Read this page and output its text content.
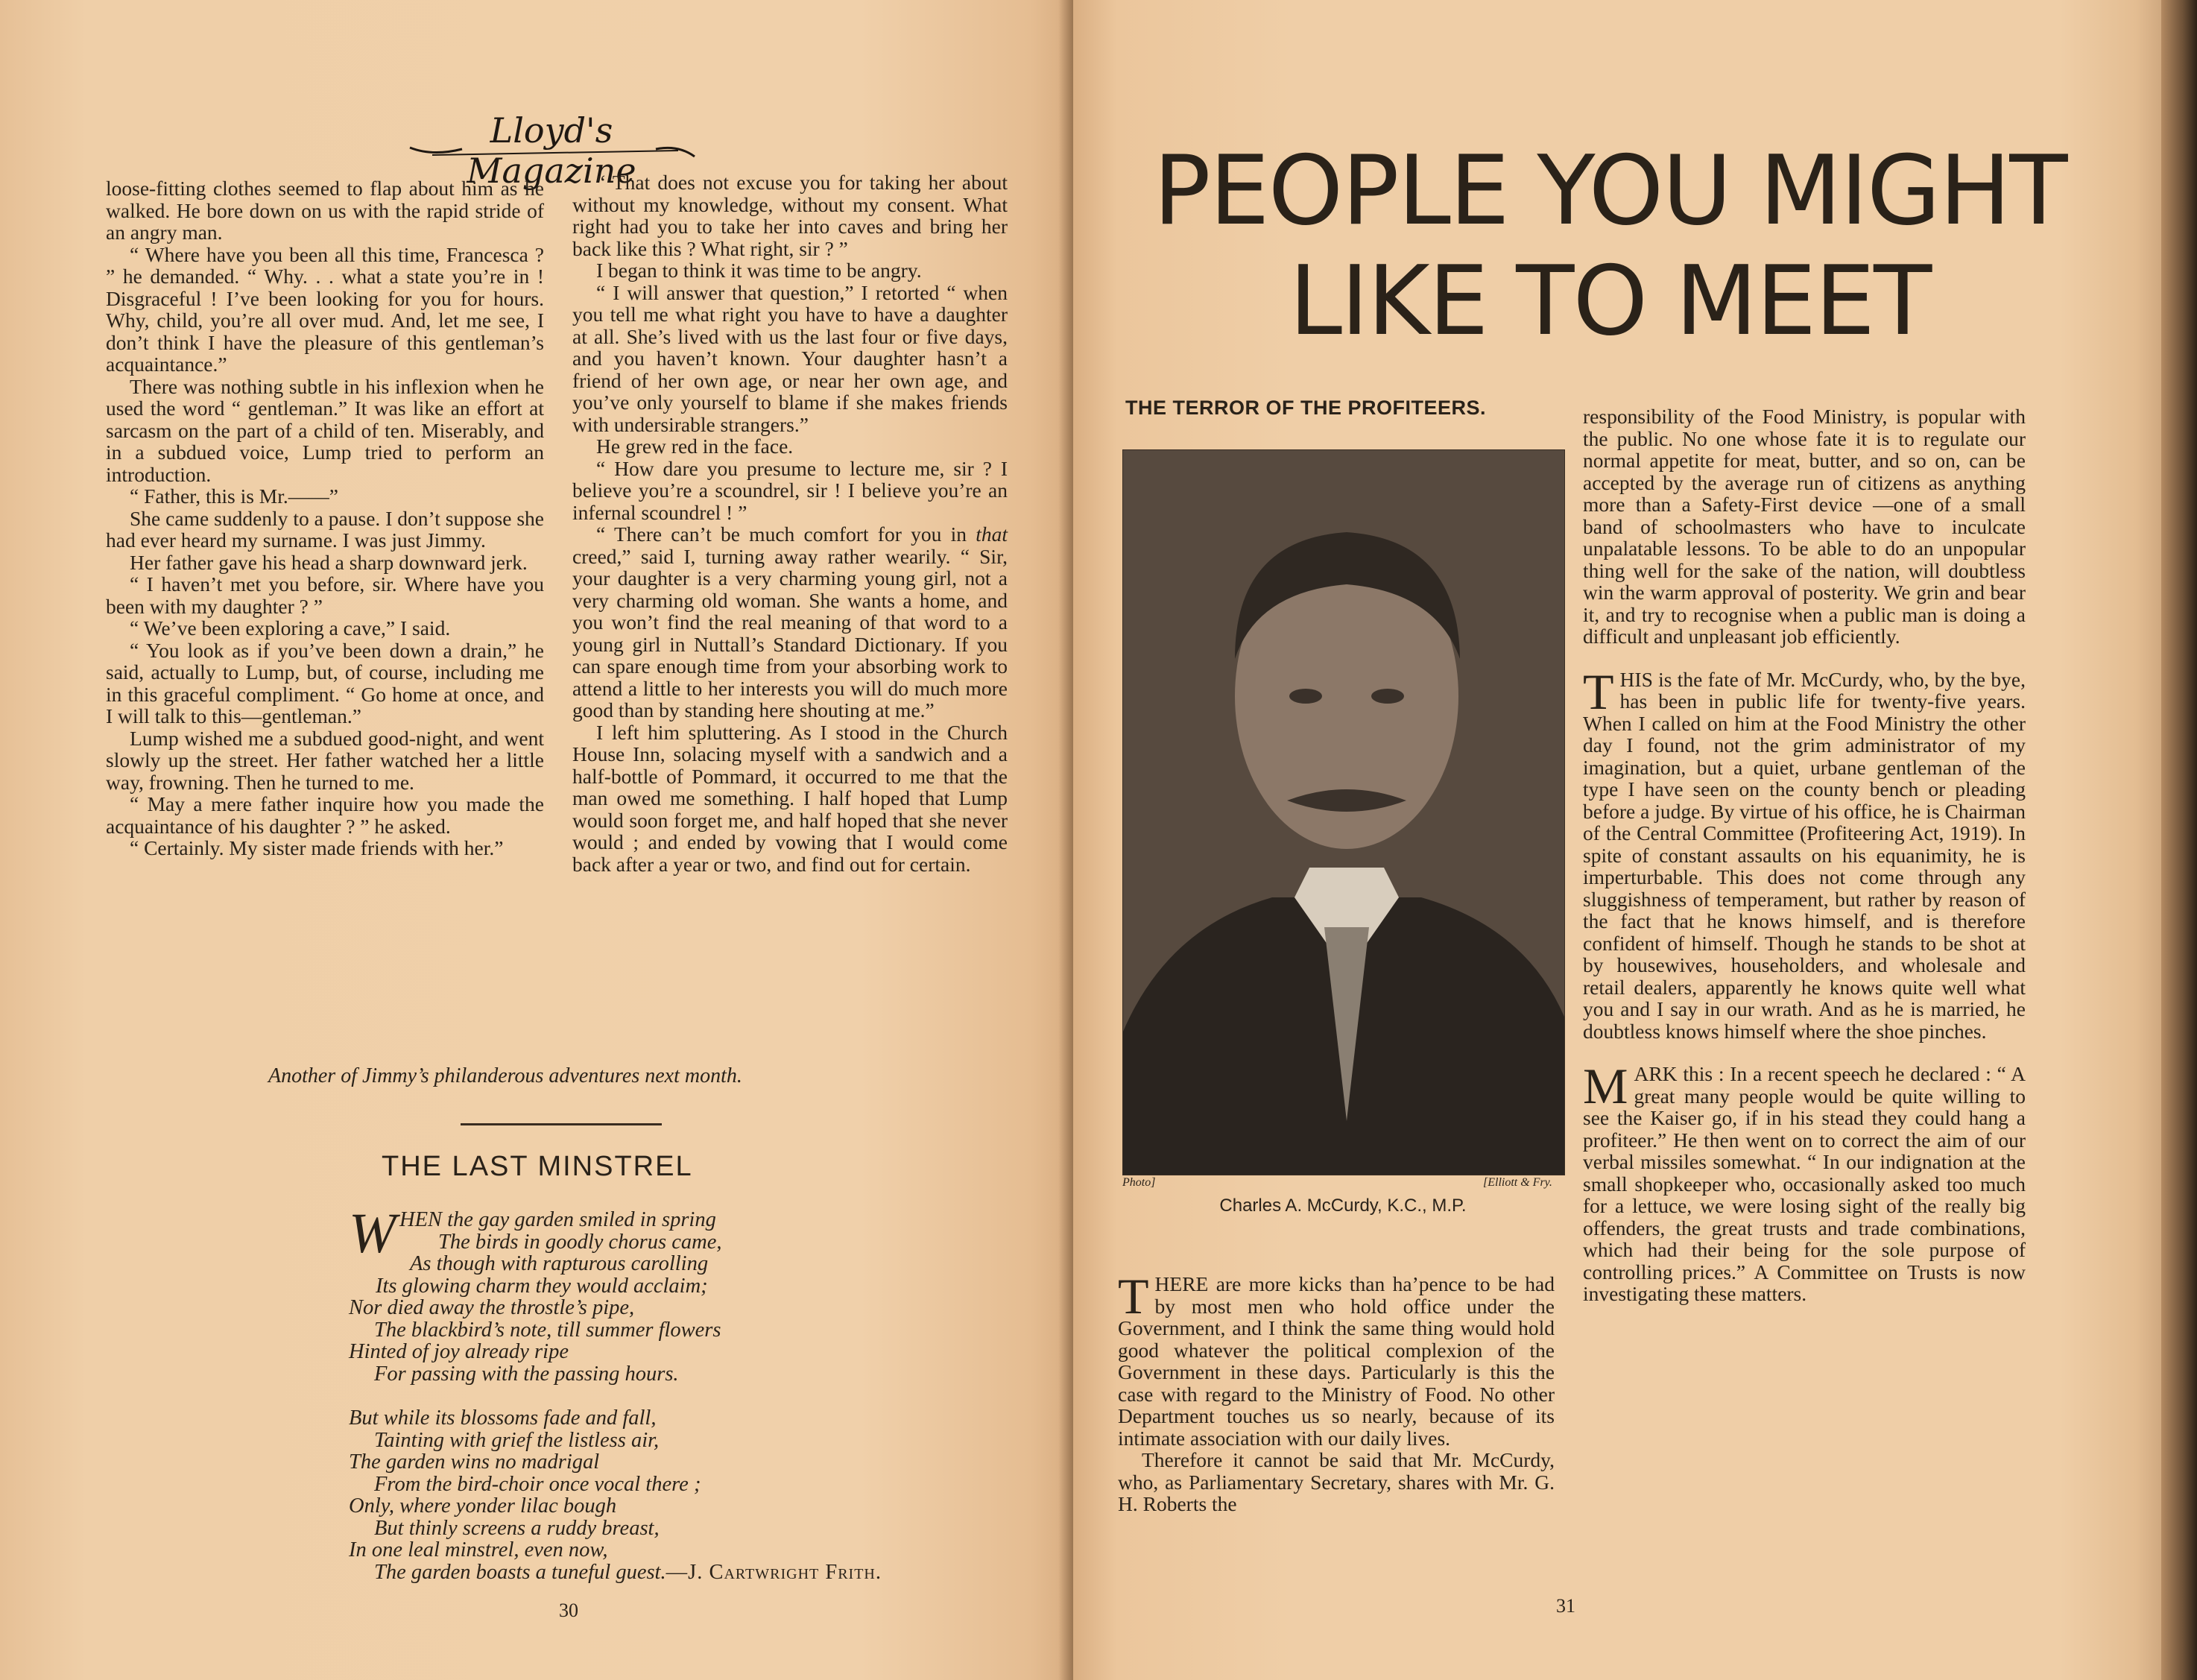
Lloyd's Magazine

loose-fitting clothes seemed to flap about him as he walked. He bore down on us with the rapid stride of an angry man.

“ Where have you been all this time, Francesca ? ” he demanded. “ Why. . . what a state you’re in ! Disgraceful ! I’ve been looking for you for hours. Why, child, you’re all over mud. And, let me see, I don’t think I have the pleasure of this gentleman’s acquaintance.”

There was nothing subtle in his inflexion when he used the word “ gentleman.” It was like an effort at sarcasm on the part of a child of ten. Miserably, and in a subdued voice, Lump tried to perform an introduction.

“ Father, this is Mr.——”

She came suddenly to a pause. I don’t suppose she had ever heard my surname. I was just Jimmy.

Her father gave his head a sharp downward jerk.

“ I haven’t met you before, sir. Where have you been with my daughter ? ”

“ We’ve been exploring a cave,” I said.

“ You look as if you’ve been down a drain,” he said, actually to Lump, but, of course, including me in this graceful compliment. “ Go home at once, and I will talk to this—gentleman.”

Lump wished me a subdued good-night, and went slowly up the street. Her father watched her a little way, frowning. Then he turned to me.

“ May a mere father inquire how you made the acquaintance of his daughter ? ” he asked.

“ Certainly. My sister made friends with her.”

“ That does not excuse you for taking her about without my knowledge, without my consent. What right had you to take her into caves and bring her back like this ? What right, sir ? ”

I began to think it was time to be angry.

“ I will answer that question,” I retorted “ when you tell me what right you have to have a daughter at all. She’s lived with us the last four or five days, and you haven’t known. Your daughter hasn’t a friend of her own age, or near her own age, and you’ve only yourself to blame if she makes friends with undersirable strangers.”

He grew red in the face.

“ How dare you presume to lecture me, sir ? I believe you’re a scoundrel, sir ! I believe you’re an infernal scoundrel ! ”

“ There can’t be much comfort for you in that creed,” said I, turning away rather wearily. “ Sir, your daughter is a very charming young girl, not a very charming old woman. She wants a home, and you won’t find the real meaning of that word to a young girl in Nuttall’s Standard Dictionary. If you can spare enough time from your absorbing work to attend a little to her interests you will do much more good than by standing here shouting at me.”

I left him spluttering. As I stood in the Church House Inn, solacing myself with a sandwich and a half-bottle of Pommard, it occurred to me that the man owed me something. I half hoped that Lump would soon forget me, and half hoped that she never would ; and ended by vowing that I would come back after a year or two, and find out for certain.

Another of Jimmy’s philanderous adventures next month.
THE LAST MINSTREL
W HEN the gay garden smiled in spring
The birds in goodly chorus came,
As though with rapturous carolling
Its glowing charm they would acclaim;
Nor died away the throstle’s pipe,
The blackbird’s note, till summer flowers
Hinted of joy already ripe
For passing with the passing hours.
But while its blossoms fade and fall,
Tainting with grief the listless air,
The garden wins no madrigal
From the bird-choir once vocal there ;
Only, where yonder lilac bough
But thinly screens a ruddy breast,
In one leal minstrel, even now,
The garden boasts a tuneful guest.—J. Cartwright Frith.
30
PEOPLE YOU MIGHT
LIKE TO MEET
THE TERROR OF THE PROFITEERS.
Photo]	[Elliott & Fry.
Charles A. McCurdy, K.C., M.P.

THERE are more kicks than ha’pence to be had by most men who hold office under the Government, and I think the same thing would hold good whatever the political complexion of the Government in these days. Particularly is this the case with regard to the Ministry of Food. No other Department touches us so nearly, because of its intimate association with our daily lives.

Therefore it cannot be said that Mr. McCurdy, who, as Parliamentary Secretary, shares with Mr. G. H. Roberts the

responsibility of the Food Ministry, is popular with the public. No one whose fate it is to regulate our normal appetite for meat, butter, and so on, can be accepted by the average run of citizens as anything more than a Safety-First device —one of a small band of schoolmasters who have to inculcate unpalatable lessons. To be able to do an unpopular thing well for the sake of the nation, will doubtless win the warm approval of posterity. We grin and bear it, and try to recognise when a public man is doing a difficult and unpleasant job efficiently.

THIS is the fate of Mr. McCurdy, who, by the bye, has been in public life for twenty-five years. When I called on him at the Food Ministry the other day I found, not the grim administrator of my imagination, but a quiet, urbane gentleman of the type I have seen on the county bench or pleading before a judge. By virtue of his office, he is Chairman of the Central Committee (Profiteering Act, 1919). In spite of constant assaults on his equanimity, he is imperturbable. This does not come through any sluggishness of temperament, but rather by reason of the fact that he knows himself, and is therefore confident of himself. Though he stands to be shot at by housewives, householders, and wholesale and retail dealers, apparently he knows quite well what you and I say in our wrath. And as he is married, he doubtless knows himself where the shoe pinches.

MARK this : In a recent speech he declared : “ A great many people would be quite willing to see the Kaiser go, if in his stead they could hang a profiteer.” He then went on to correct the aim of our verbal missiles somewhat. “ In our indignation at the small shopkeeper who, occasionally asked too much for a lettuce, we were losing sight of the really big offenders, the great trusts and trade combinations, which had their being for the sole purpose of controlling prices.” A Committee on Trusts is now investigating these matters.

31
